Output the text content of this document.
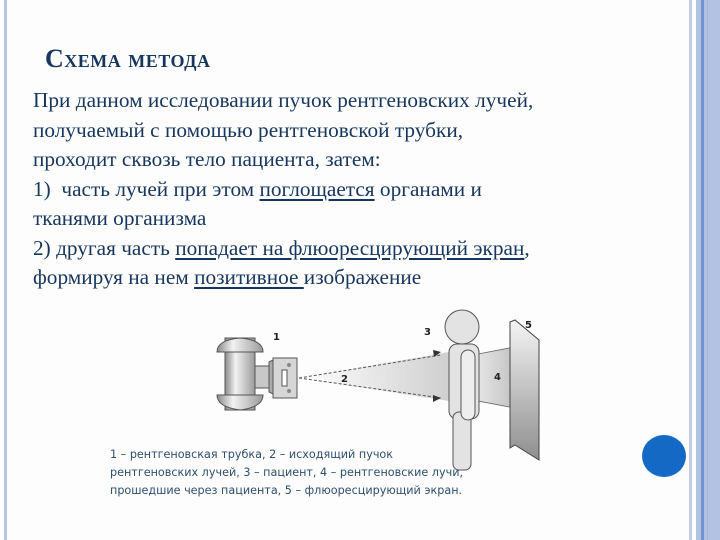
Схема метода
При данном исследовании пучок рентгеновских лучей,
получаемый с помощью рентгеновской трубки,
проходит сквозь тело пациента, затем:
1)  часть лучей при этом поглощается органами и
тканями организма
2) другая часть попадает на флюоресцирующий экран,
формируя на нем позитивное изображение
1
2
3
4
5
1 – рентгеновская трубка, 2 – исходящий пучок
рентгеновских лучей, 3 – пациент, 4 – рентгеновские лучи,
прошедшие через пациента, 5 – флюоресцирующий экран.
